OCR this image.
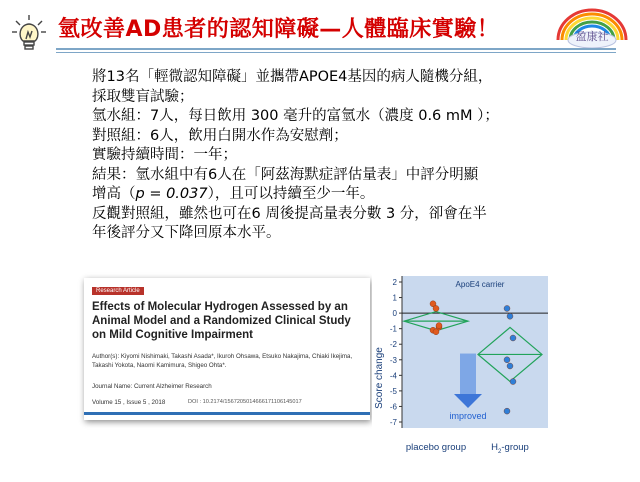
氫改善AD患者的認知障礙—人體臨床實驗！	盈康社
將13名「輕微認知障礙」並攜帶APOE4基因的病人隨機分組，
採取雙盲試驗；
氫水組：7人，每日飲用 300 毫升的富氫水（濃度 0.6 mM ）；
對照組：6人，飲用白開水作為安慰劑；
實驗持續時間：一年；
結果：氫水組中有6人在「阿茲海默症評估量表」中評分明顯
增高（p = 0.037），且可以持續至少一年。
反觀對照組，雖然也可在6 周後提高量表分數 3 分，卻會在半
年後評分又下降回原本水平。
Research Article
Effects of Molecular Hydrogen Assessed by an Animal Model and a Randomized Clinical Study on Mild Cognitive Impairment
Author(s): Kiyomi Nishimaki, Takashi Asada*, Ikuroh Ohsawa, Etsuko Nakajima, Chiaki Ikejima, Takashi Yokota, Naomi Kamimura, Shigeo Ohta*.
Journal Name: Current Alzheimer Research
Volume 15 , Issue 5 , 2018	DOI : 10.2174/1567205014666171106145017	Score change
2
1
0
-1
-2
-3
-4
-5
-6
-7
ApoE4 carrier
improved
placebo group	$H_2$-group
